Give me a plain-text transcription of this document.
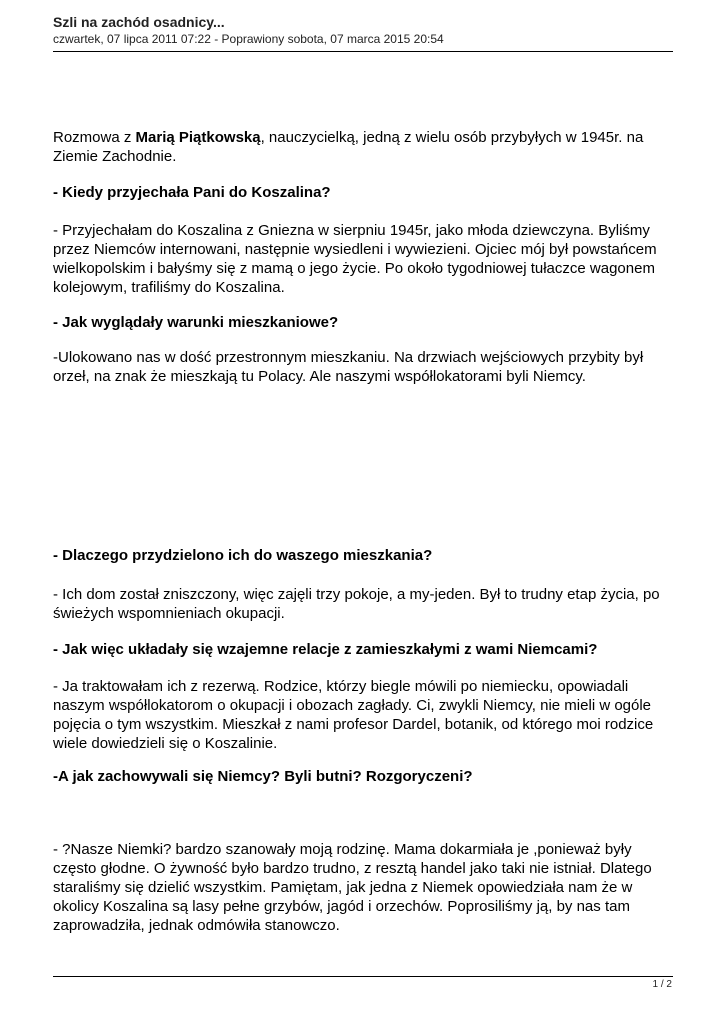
Szli na zachód osadnicy...
czwartek, 07 lipca 2011 07:22 - Poprawiony sobota, 07 marca 2015 20:54

Rozmowa z Marią Piątkowską, nauczycielką, jedną z wielu osób przybyłych w 1945r. na Ziemie Zachodnie.

- Kiedy przyjechała Pani do Koszalina?

- Przyjechałam do Koszalina z Gniezna w sierpniu 1945r, jako młoda dziewczyna. Byliśmy przez Niemców internowani, następnie wysiedleni i wywiezieni. Ojciec mój był powstańcem wielkopolskim i bałyśmy się z mamą o jego życie. Po około tygodniowej tułaczce wagonem kolejowym, trafiliśmy do Koszalina.

- Jak wyglądały warunki mieszkaniowe?

-Ulokowano nas w dość przestronnym mieszkaniu. Na drzwiach wejściowych przybity był orzeł, na znak że mieszkają tu Polacy. Ale naszymi współlokatorami byli Niemcy.

- Dlaczego przydzielono ich do waszego mieszkania?

- Ich dom został zniszczony, więc zajęli trzy pokoje, a my-jeden. Był to trudny etap życia, po świeżych wspomnieniach okupacji.

- Jak więc układały się wzajemne relacje z zamieszkałymi z wami Niemcami?

- Ja traktowałam ich z rezerwą. Rodzice, którzy biegle mówili po niemiecku, opowiadali naszym współlokatorom o okupacji i obozach zagłady. Ci, zwykli Niemcy, nie mieli w ogóle pojęcia o tym wszystkim. Mieszkał z nami profesor Dardel, botanik, od którego moi rodzice wiele dowiedzieli się o Koszalinie.

-A jak zachowywali się Niemcy? Byli butni? Rozgoryczeni?

- ?Nasze Niemki? bardzo szanowały moją rodzinę. Mama dokarmiała je ,ponieważ były często głodne. O żywność było bardzo trudno, z resztą handel jako taki nie istniał. Dlatego staraliśmy się dzielić wszystkim. Pamiętam, jak jedna z Niemek opowiedziała nam że w okolicy Koszalina są lasy pełne grzybów, jagód i orzechów. Poprosiliśmy ją, by nas tam zaprowadziła, jednak odmówiła stanowczo.

1 / 2
